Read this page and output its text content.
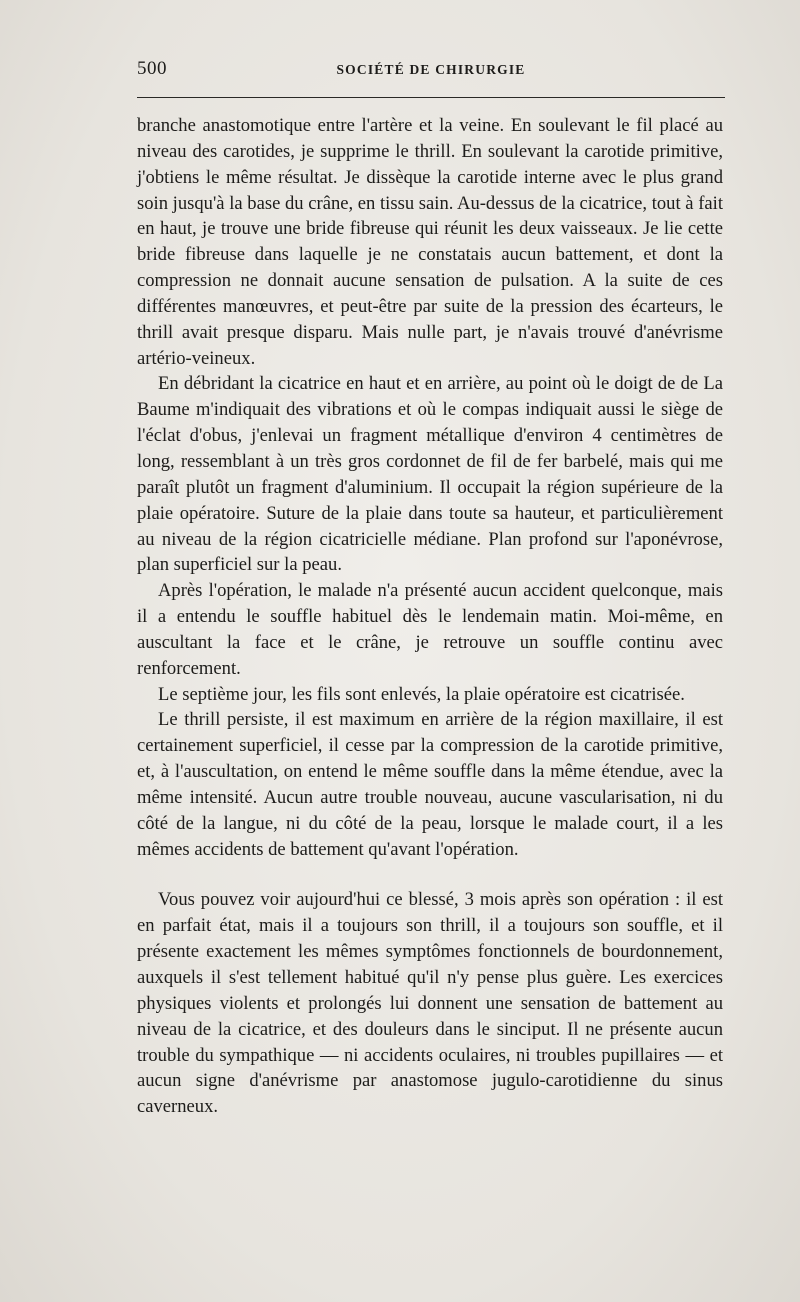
500	SOCIÉTÉ DE CHIRURGIE

branche anastomotique entre l'artère et la veine. En soulevant le fil placé au niveau des carotides, je supprime le thrill. En soulevant la carotide primitive, j'obtiens le même résultat. Je dissèque la carotide interne avec le plus grand soin jusqu'à la base du crâne, en tissu sain. Au-dessus de la cicatrice, tout à fait en haut, je trouve une bride fibreuse qui réunit les deux vaisseaux. Je lie cette bride fibreuse dans laquelle je ne constatais aucun battement, et dont la compression ne donnait aucune sensation de pulsation. A la suite de ces différentes manœuvres, et peut-être par suite de la pression des écarteurs, le thrill avait presque disparu. Mais nulle part, je n'avais trouvé d'anévrisme artério-veineux.

En débridant la cicatrice en haut et en arrière, au point où le doigt de de La Baume m'indiquait des vibrations et où le compas indiquait aussi le siège de l'éclat d'obus, j'enlevai un fragment métallique d'environ 4 centimètres de long, ressemblant à un très gros cordonnet de fil de fer barbelé, mais qui me paraît plutôt un fragment d'aluminium. Il occupait la région supérieure de la plaie opératoire. Suture de la plaie dans toute sa hauteur, et particulièrement au niveau de la région cicatricielle médiane. Plan profond sur l'aponévrose, plan superficiel sur la peau.

Après l'opération, le malade n'a présenté aucun accident quelconque, mais il a entendu le souffle habituel dès le lendemain matin. Moi-même, en auscultant la face et le crâne, je retrouve un souffle continu avec renforcement.

Le septième jour, les fils sont enlevés, la plaie opératoire est cicatrisée.

Le thrill persiste, il est maximum en arrière de la région maxillaire, il est certainement superficiel, il cesse par la compression de la carotide primitive, et, à l'auscultation, on entend le même souffle dans la même étendue, avec la même intensité. Aucun autre trouble nouveau, aucune vascularisation, ni du côté de la langue, ni du côté de la peau, lorsque le malade court, il a les mêmes accidents de battement qu'avant l'opération.

Vous pouvez voir aujourd'hui ce blessé, 3 mois après son opération : il est en parfait état, mais il a toujours son thrill, il a toujours son souffle, et il présente exactement les mêmes symptômes fonctionnels de bourdonnement, auxquels il s'est tellement habitué qu'il n'y pense plus guère. Les exercices physiques violents et prolongés lui donnent une sensation de battement au niveau de la cicatrice, et des douleurs dans le sinciput. Il ne présente aucun trouble du sympathique — ni accidents oculaires, ni troubles pupillaires — et aucun signe d'anévrisme par anastomose jugulo-carotidienne du sinus caverneux.
